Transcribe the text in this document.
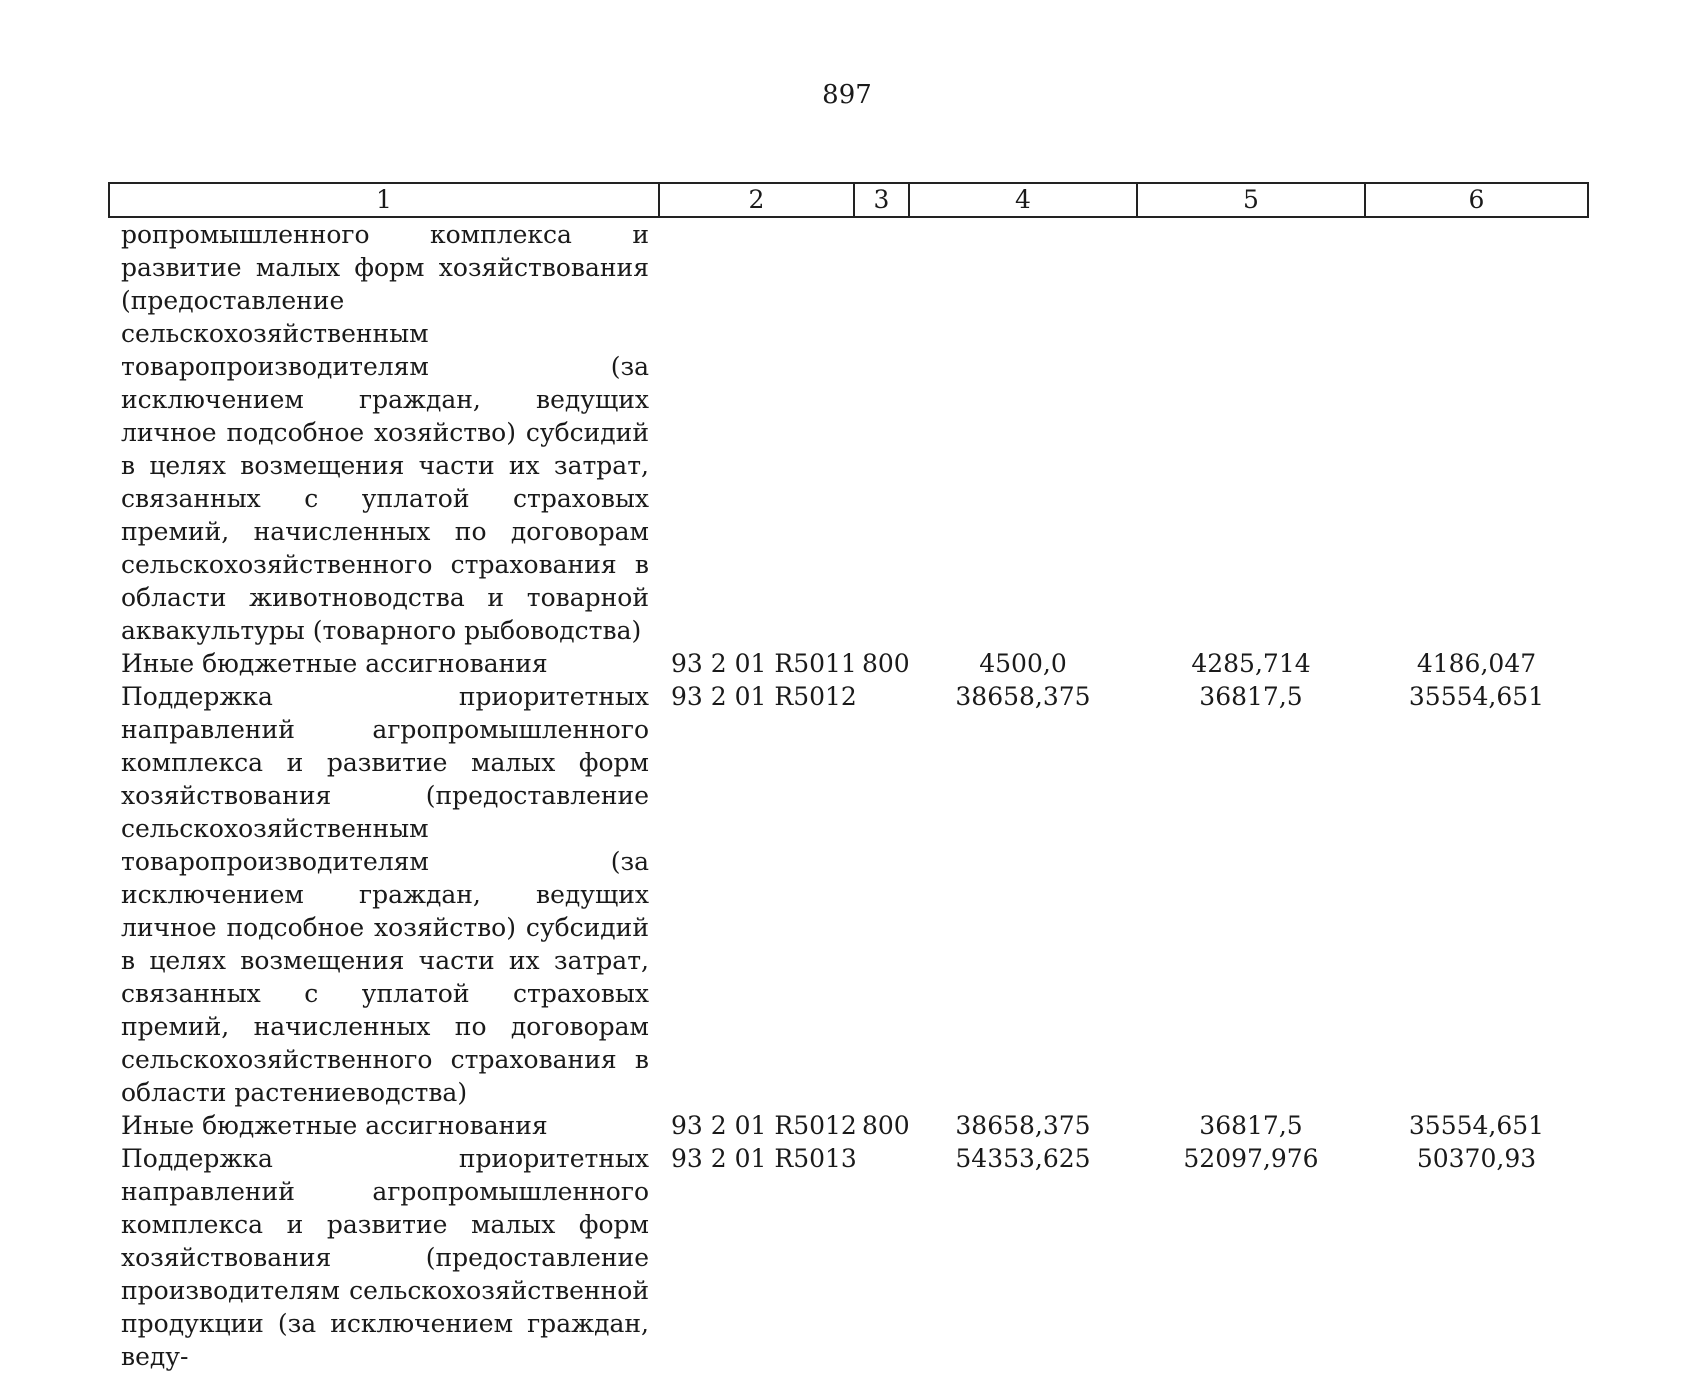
897
1	2	3	4	5	6
ропромышленного комплекса и развитие малых форм хозяйствования (предоставление сельскохозяйственным товаропроизводителям (за исключением граждан, ведущих личное подсобное хозяйство) субсидий в целях возмещения части их затрат, связанных с уплатой страховых премий, начисленных по договорам сельскохозяйственного страхования в области животноводства и товарной аквакультуры (товарного рыбоводства)					
Иные бюджетные ассигнования	93 2 01 R5011	800	4500,0	4285,714	4186,047
Поддержка приоритетных направлений агропромышленного комплекса и развитие малых форм хозяйствования (предоставление сельскохозяйственным товаропроизводителям (за исключением граждан, ведущих личное подсобное хозяйство) субсидий в целях возмещения части их затрат, связанных с уплатой страховых премий, начисленных по договорам сельскохозяйственного страхования в области растениеводства)	93 2 01 R5012		38658,375	36817,5	35554,651
Иные бюджетные ассигнования	93 2 01 R5012	800	38658,375	36817,5	35554,651
Поддержка приоритетных направлений агропромышленного комплекса и развитие малых форм хозяйствования (предоставление производителям сельскохозяйственной продукции (за исключением граждан, веду-	93 2 01 R5013		54353,625	52097,976	50370,93
